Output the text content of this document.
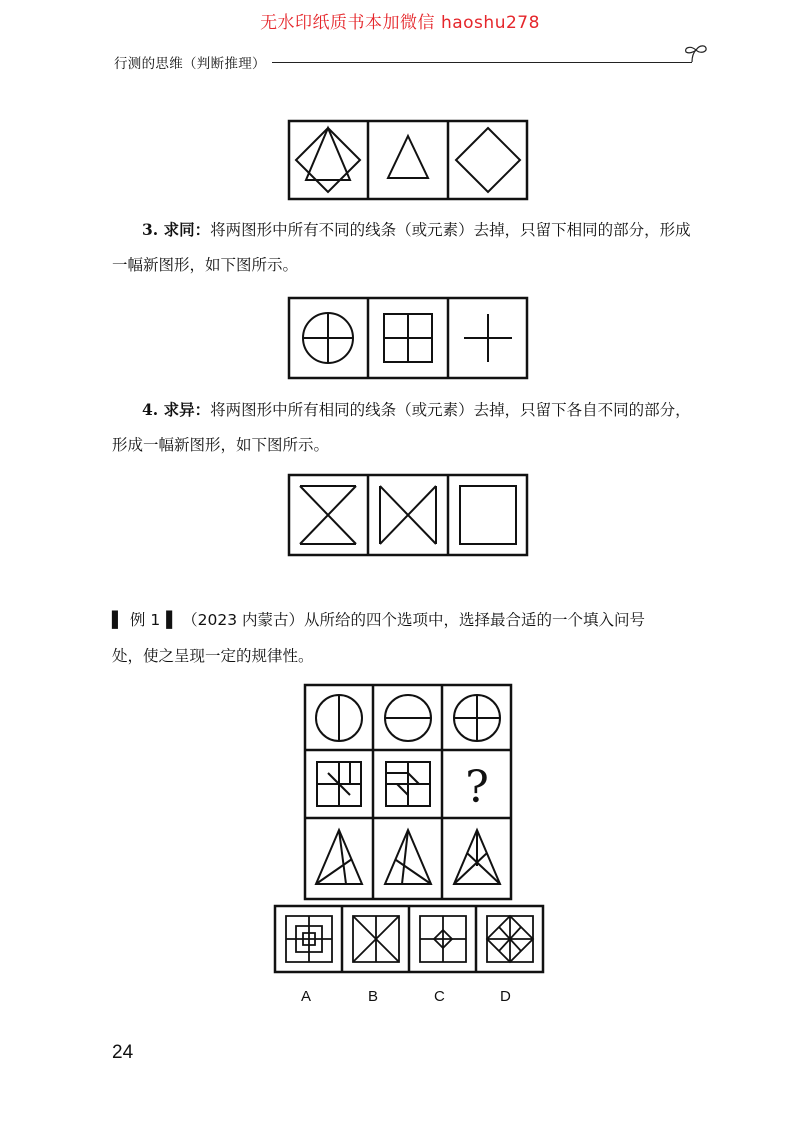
无水印纸质书本加微信 haoshu278
行测的思维（判断推理）
3. 求同：将两图形中所有不同的线条（或元素）去掉，只留下相同的部分，形成
一幅新图形，如下图所示。
4. 求异：将两图形中所有相同的线条（或元素）去掉，只留下各自不同的部分，
形成一幅新图形，如下图所示。
▌ 例 1 ▌ （2023 内蒙古）从所给的四个选项中，选择最合适的一个填入问号
处，使之呈现一定的规律性。
?
A	B	C	D
24
